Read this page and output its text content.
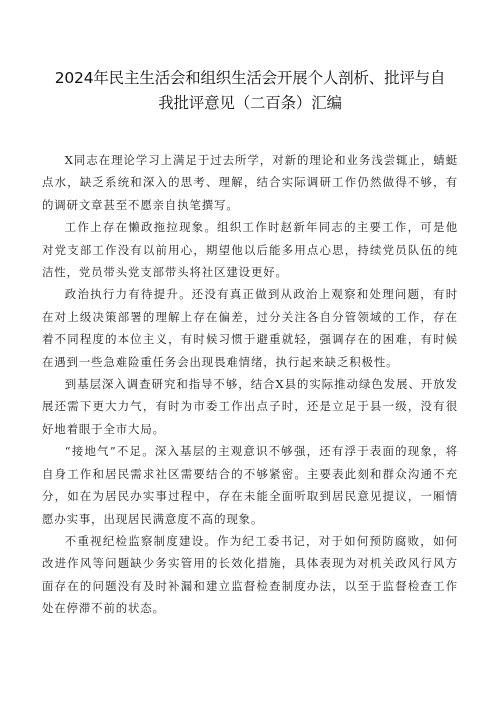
2024年民主生活会和组织生活会开展个人剖析、批评与自
我批评意见（二百条）汇编

X同志在理论学习上满足于过去所学，对新的理论和业务浅尝辄止，蜻蜓点水，缺乏系统和深入的思考、理解，结合实际调研工作仍然做得不够，有的调研文章甚至不愿亲自执笔撰写。

工作上存在懒政拖拉现象。组织工作时赵新年同志的主要工作，可是他对党支部工作没有以前用心，期望他以后能多用点心思，持续党员队伍的纯洁性，党员带头党支部带头将社区建设更好。

政治执行力有待提升。还没有真正做到从政治上观察和处理问题，有时在对上级决策部署的理解上存在偏差，过分关注各自分管领域的工作，存在着不同程度的本位主义，有时候习惯于避重就轻，强调存在的困难，有时候在遇到一些急难险重任务会出现畏难情绪，执行起来缺乏积极性。

到基层深入调查研究和指导不够，结合X县的实际推动绿色发展、开放发展还需下更大力气，有时为市委工作出点子时，还是立足于县一级，没有很好地着眼于全市大局。

“接地气”不足。深入基层的主观意识不够强，还有浮于表面的现象，将自身工作和居民需求社区需要结合的不够紧密。主要表此刻和群众沟通不充分，如在为居民办实事过程中，存在未能全面听取到居民意见提议，一厢情愿办实事，出现居民满意度不高的现象。

不重视纪检监察制度建设。作为纪工委书记，对于如何预防腐败，如何改进作风等问题缺少务实管用的长效化措施，具体表现为对机关政风行风方面存在的问题没有及时补漏和建立监督检查制度办法，以至于监督检查工作处在停滞不前的状态。
